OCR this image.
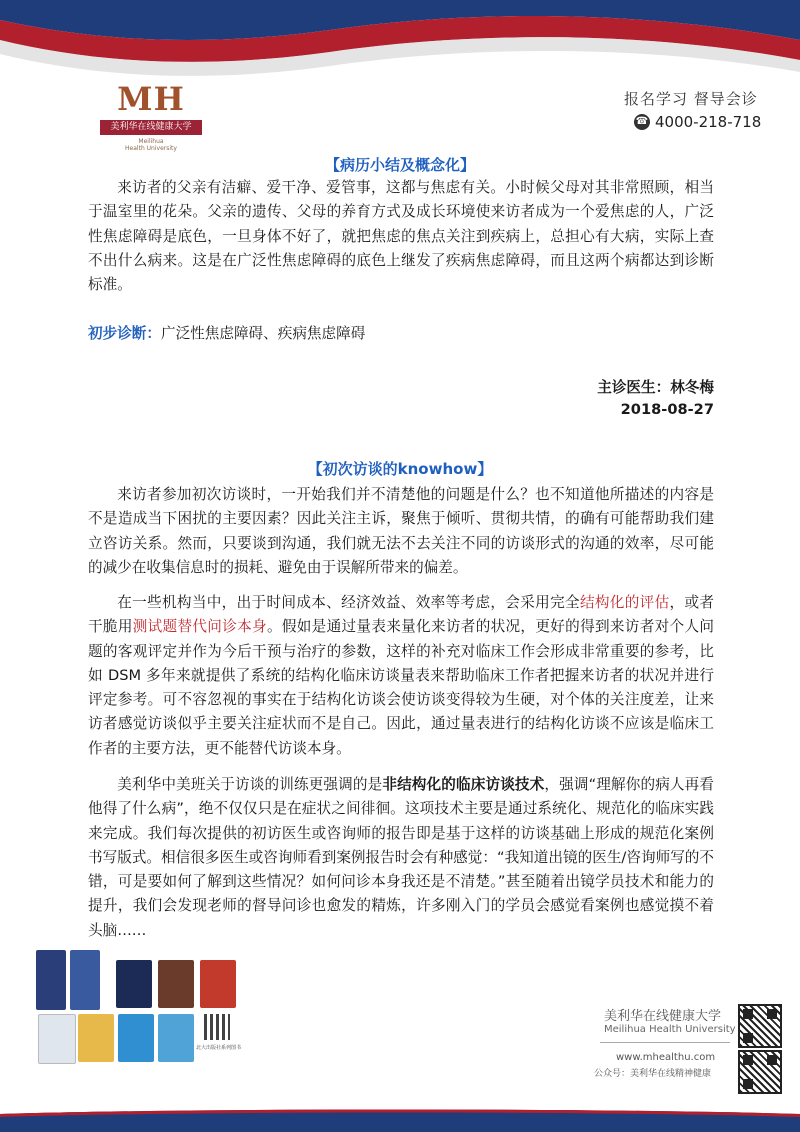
MH
美利华在线健康大学
Meilihua
Health University
报名学习 督导会诊
☎ 4000-218-718
【病历小结及概念化】

来访者的父亲有洁癖、爱干净、爱管事，这都与焦虑有关。小时候父母对其非常照顾，相当于温室里的花朵。父亲的遗传、父母的养育方式及成长环境使来访者成为一个爱焦虑的人，广泛性焦虑障碍是底色，一旦身体不好了，就把焦虑的焦点关注到疾病上，总担心有大病，实际上查不出什么病来。这是在广泛性焦虑障碍的底色上继发了疾病焦虑障碍，而且这两个病都达到诊断标准。

初步诊断：广泛性焦虑障碍、疾病焦虑障碍
主诊医生：林冬梅
2018-08-27
【初次访谈的knowhow】

来访者参加初次访谈时，一开始我们并不清楚他的问题是什么？也不知道他所描述的内容是不是造成当下困扰的主要因素？因此关注主诉，聚焦于倾听、贯彻共情，的确有可能帮助我们建立咨访关系。然而，只要谈到沟通，我们就无法不去关注不同的访谈形式的沟通的效率，尽可能的减少在收集信息时的损耗、避免由于误解所带来的偏差。

在一些机构当中，出于时间成本、经济效益、效率等考虑，会采用完全结构化的评估，或者干脆用测试题替代问诊本身。假如是通过量表来量化来访者的状况，更好的得到来访者对个人问题的客观评定并作为今后干预与治疗的参数，这样的补充对临床工作会形成非常重要的参考，比如 DSM 多年来就提供了系统的结构化临床访谈量表来帮助临床工作者把握来访者的状况并进行评定参考。可不容忽视的事实在于结构化访谈会使访谈变得较为生硬，对个体的关注度差，让来访者感觉访谈似乎主要关注症状而不是自己。因此，通过量表进行的结构化访谈不应该是临床工作者的主要方法，更不能替代访谈本身。

美利华中美班关于访谈的训练更强调的是非结构化的临床访谈技术，强调“理解你的病人再看他得了什么病”，绝不仅仅只是在症状之间徘徊。这项技术主要是通过系统化、规范化的临床实践来完成。我们每次提供的初访医生或咨询师的报告即是基于这样的访谈基础上形成的规范化案例书写版式。相信很多医生或咨询师看到案例报告时会有种感觉：“我知道出镜的医生/咨询师写的不错，可是要如何了解到这些情况？如何问诊本身我还是不清楚。”甚至随着出镜学员技术和能力的提升，我们会发现老师的督导问诊也愈发的精炼，许多刚入门的学员会感觉看案例也感觉摸不着头脑……

北大出版社系列图书
美利华在线健康大学
Meilihua Health University
www.mhealthu.com
公众号：美利华在线精神健康
